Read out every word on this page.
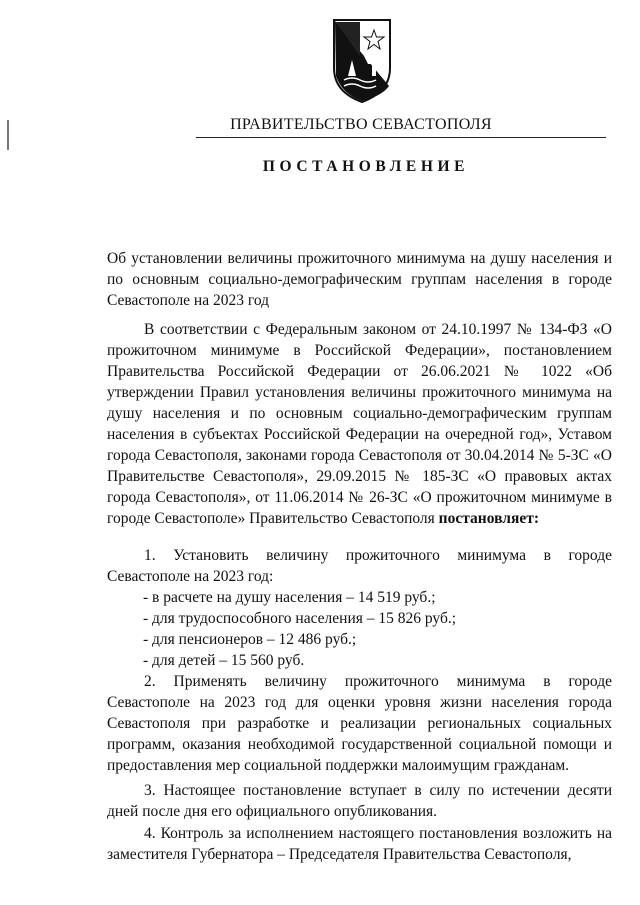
ПРАВИТЕЛЬСТВО СЕВАСТОПОЛЯ
ПОСТАНОВЛЕНИЕ
Об установлении величины прожиточного минимума на душу населения и по основным социально-демографическим группам населения в городе Севастополе на 2023 год
В соответствии с Федеральным законом от 24.10.1997 № 134-ФЗ «О прожиточном минимуме в Российской Федерации», постановлением Правительства Российской Федерации от 26.06.2021 № 1022 «Об утверждении Правил установления величины прожиточного минимума на душу населения и по основным социально-демографическим группам населения в субъектах Российской Федерации на очередной год», Уставом города Севастополя, законами города Севастополя от 30.04.2014 № 5-ЗС «О Правительстве Севастополя», 29.09.2015 № 185-ЗС «О правовых актах города Севастополя», от 11.06.2014 № 26-ЗС «О прожиточном минимуме в городе Севастополе» Правительство Севастополя постановляет:
1. Установить величину прожиточного минимума в городе Севастополе на 2023 год:
- в расчете на душу населения – 14 519 руб.;
- для трудоспособного населения – 15 826 руб.;
- для пенсионеров – 12 486 руб.;
- для детей – 15 560 руб.
2. Применять величину прожиточного минимума в городе Севастополе на 2023 год для оценки уровня жизни населения города Севастополя при разработке и реализации региональных социальных программ, оказания необходимой государственной социальной помощи и предоставления мер социальной поддержки малоимущим гражданам.
3. Настоящее постановление вступает в силу по истечении десяти дней после дня его официального опубликования.
4. Контроль за исполнением настоящего постановления возложить на заместителя Губернатора – Председателя Правительства Севастополя,
